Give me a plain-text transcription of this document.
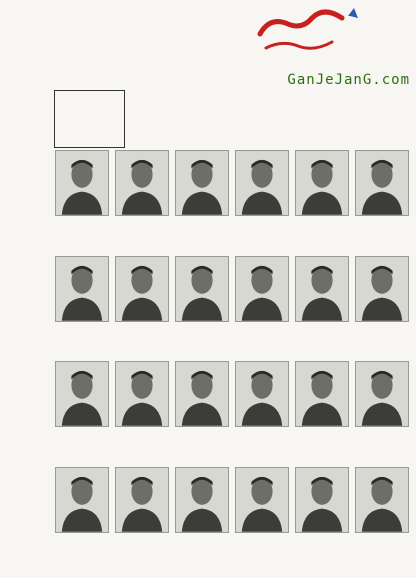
GanJeJanG.com
